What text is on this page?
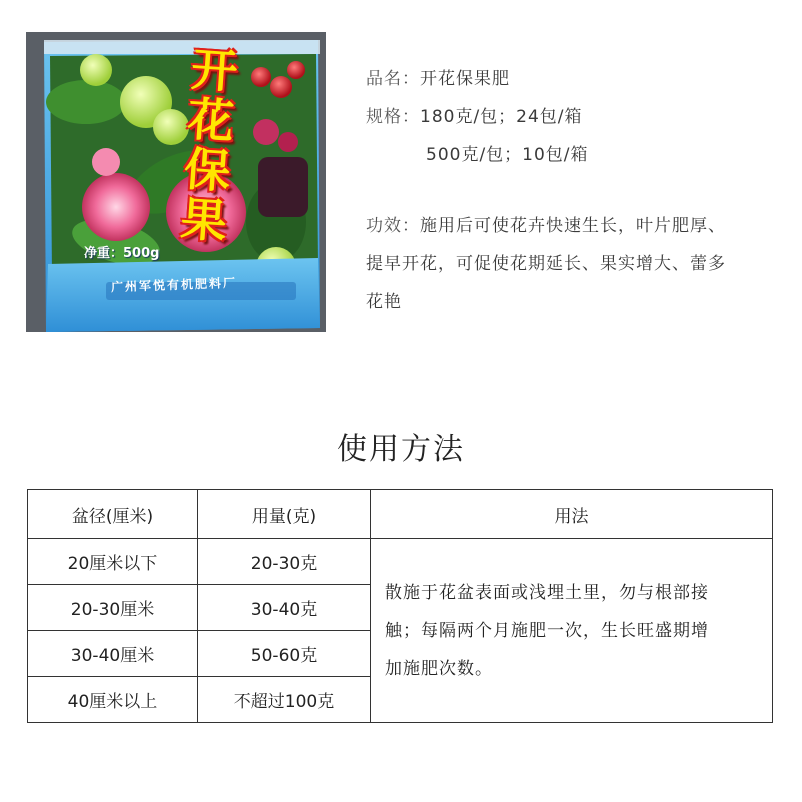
开花保果
净重：500g
广州军悦有机肥料厂
品名：开花保果肥
规格：180克/包；24包/箱
500克/包；10包/箱
功效：施用后可使花卉快速生长，叶片肥厚、
提早开花，可促使花期延长、果实增大、蕾多
花艳
使用方法
盆径(厘米)	用量(克)	用法
20厘米以下	20-30克	散施于花盆表面或浅埋土里，勿与根部接
触；每隔两个月施肥一次，生长旺盛期增
加施肥次数。

20-30厘米	30-40克	
30-40厘米	50-60克	
40厘米以上	不超过100克	
